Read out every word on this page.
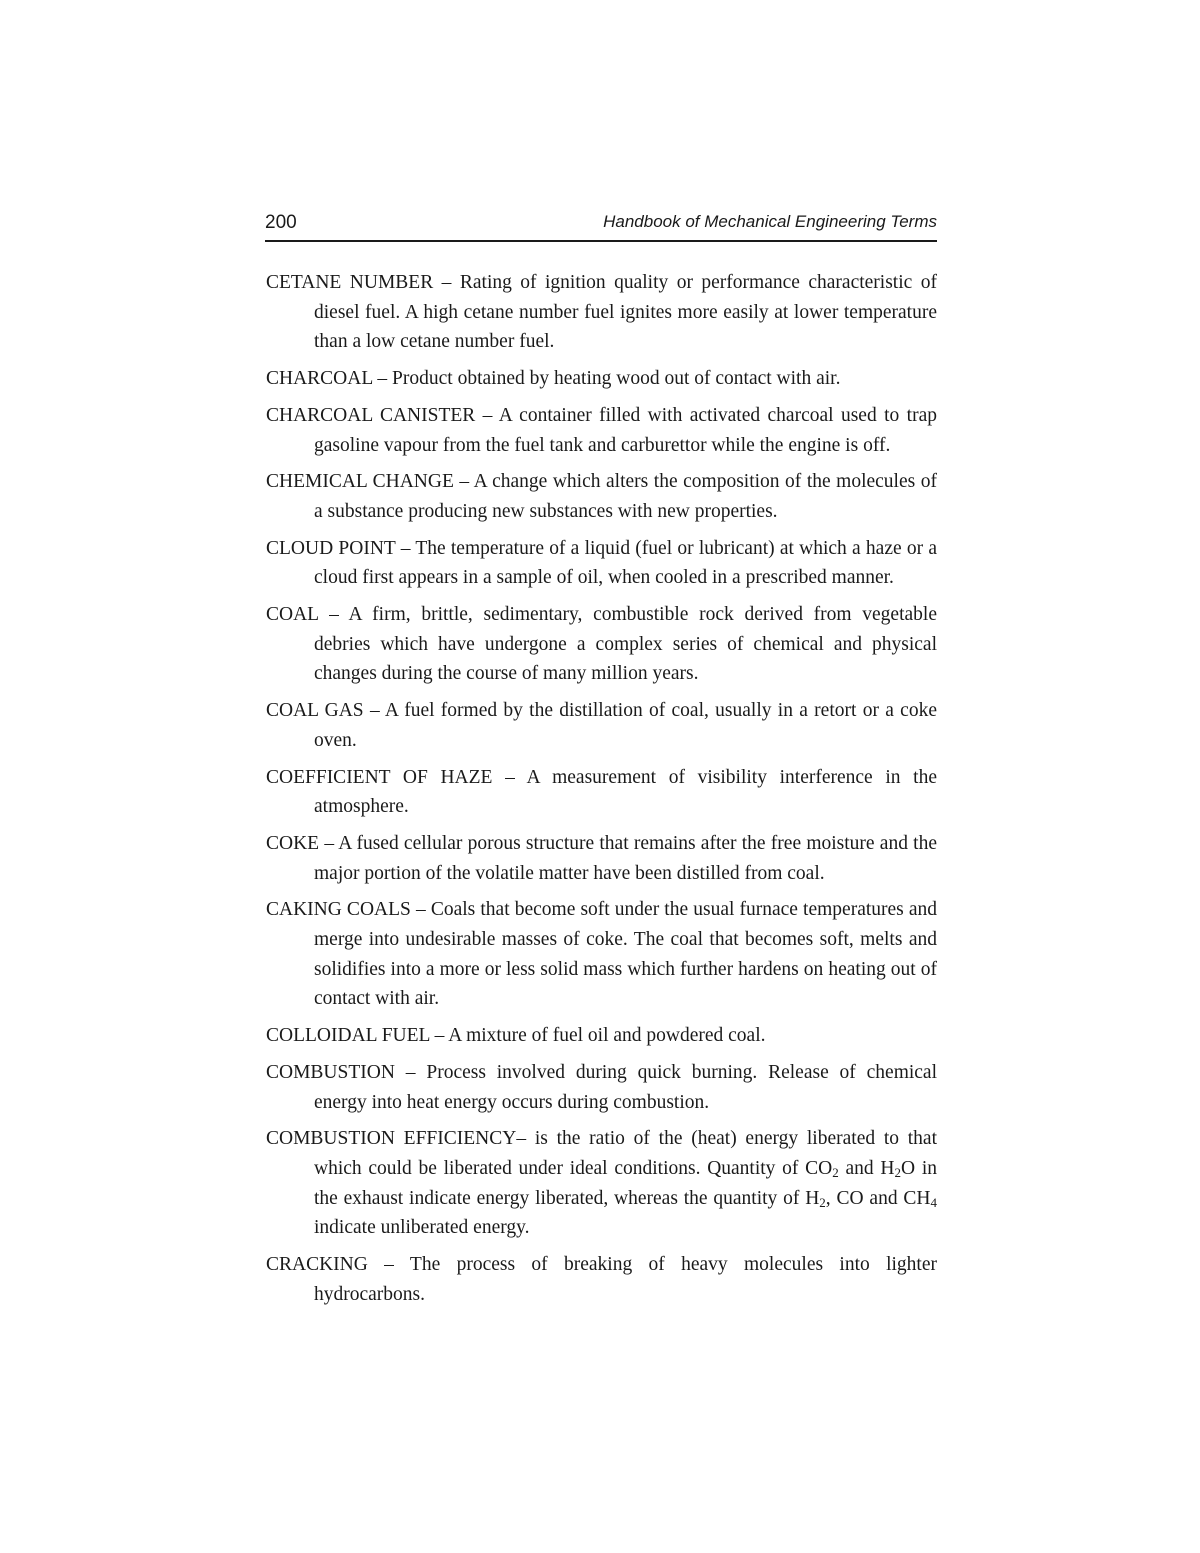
200	Handbook of Mechanical Engineering Terms

CETANE NUMBER – Rating of ignition quality or performance characteristic of diesel fuel. A high cetane number fuel ignites more easily at lower temperature than a low cetane number fuel.

CHARCOAL – Product obtained by heating wood out of contact with air.

CHARCOAL CANISTER – A container filled with activated charcoal used to trap gasoline vapour from the fuel tank and carburettor while the engine is off.

CHEMICAL CHANGE – A change which alters the composition of the molecules of a substance producing new substances with new properties.

CLOUD POINT – The temperature of a liquid (fuel or lubricant) at which a haze or a cloud first appears in a sample of oil, when cooled in a prescribed manner.

COAL – A firm, brittle, sedimentary, combustible rock derived from vegetable debries which have undergone a complex series of chemical and physical changes during the course of many million years.

COAL GAS – A fuel formed by the distillation of coal, usually in a retort or a coke oven.

COEFFICIENT OF HAZE – A measurement of visibility interference in the atmosphere.

COKE – A fused cellular porous structure that remains after the free moisture and the major portion of the volatile matter have been distilled from coal.

CAKING COALS – Coals that become soft under the usual furnace temperatures and merge into undesirable masses of coke. The coal that becomes soft, melts and solidifies into a more or less solid mass which further hardens on heating out of contact with air.

COLLOIDAL FUEL – A mixture of fuel oil and powdered coal.

COMBUSTION – Process involved during quick burning. Release of chemical energy into heat energy occurs during combustion.

COMBUSTION EFFICIENCY– is the ratio of the (heat) energy liberated to that which could be liberated under ideal conditions. Quantity of $CO_2$ and $H_2O$ in the exhaust indicate energy liberated, whereas the quantity of $H_2$, CO and $CH_4$ indicate unliberated energy.

CRACKING – The process of breaking of heavy molecules into lighter hydrocarbons.
